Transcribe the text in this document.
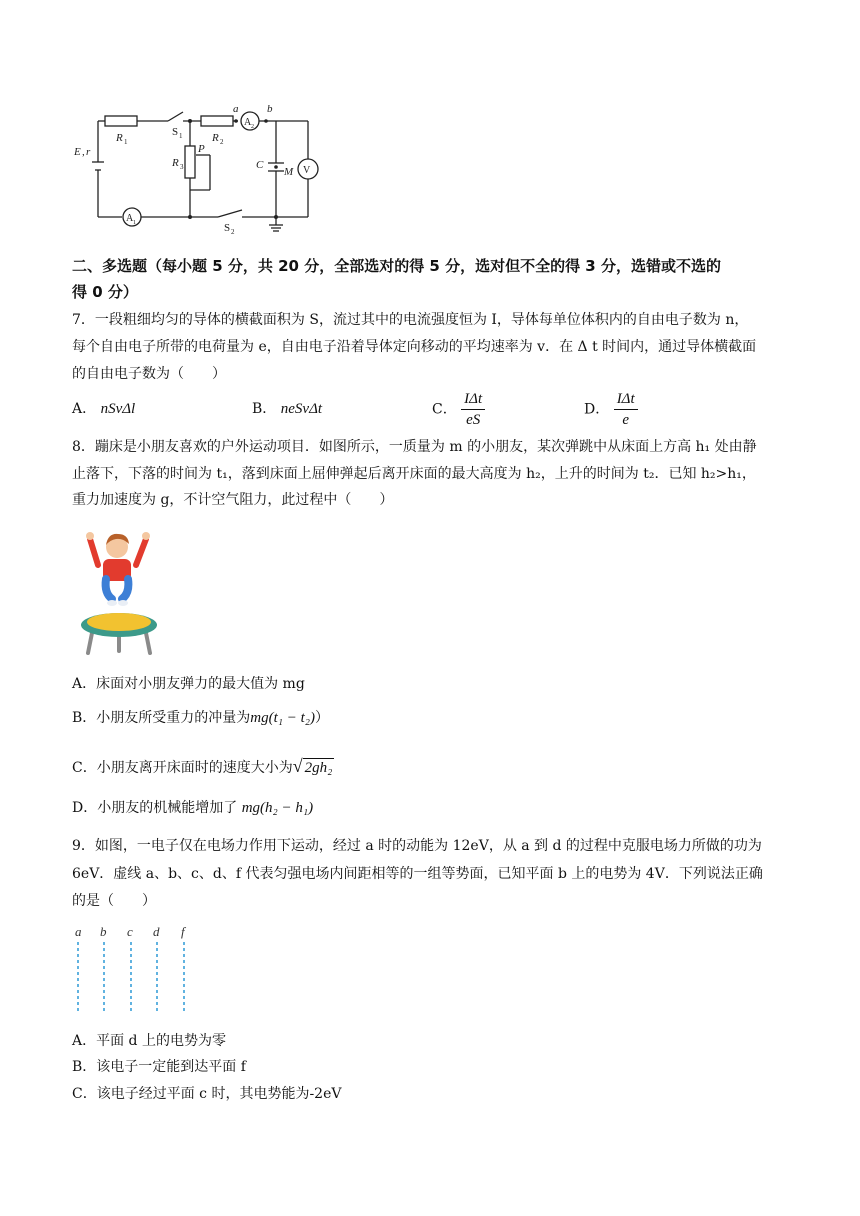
E , r
R 1
S 1	R 2
R 3
P
a	b
A 2
A 1
C
M V
S 2
二、多选题（每小题 5 分，共 20 分，全部选对的得 5 分，选对但不全的得 3 分，选错或不选的
得 0 分）
7．一段粗细均匀的导体的横截面积为 S，流过其中的电流强度恒为 I，导体每单位体积内的自由电子数为 n，
每个自由电子所带的电荷量为 e，自由电子沿着导体定向移动的平均速率为 v．在 Δ t 时间内，通过导体横截面
的自由电子数为（　　）
A． nSvΔl	B． neSvΔt	C． $\frac{\text{IΔt}}{eS}$	D． $\frac{\text{IΔt}}{e}$
8．蹦床是小朋友喜欢的户外运动项目．如图所示，一质量为 m 的小朋友，某次弹跳中从床面上方高 h₁ 处由静
止落下，下落的时间为 t₁，落到床面上屈伸弹起后离开床面的最大高度为 h₂，上升的时间为 t₂．已知 h₂>h₁，
重力加速度为 g，不计空气阻力，此过程中（　　）
A．床面对小朋友弹力的最大值为 mg
B．小朋友所受重力的冲量为mg(t₁ − t₂)）
C．小朋友离开床面时的速度大小为√ 2gh₂
D．小朋友的机械能增加了 mg(h₂ − h₁)
9．如图，一电子仅在电场力作用下运动，经过 a 时的动能为 12eV，从 a 到 d 的过程中克服电场力所做的功为
6eV．虚线 a、b、c、d、f 代表匀强电场内间距相等的一组等势面，已知平面 b 上的电势为 4V．下列说法正确
的是（　　）
a b c d f
A．平面 d 上的电势为零
B．该电子一定能到达平面 f
C．该电子经过平面 c 时，其电势能为-2eV
